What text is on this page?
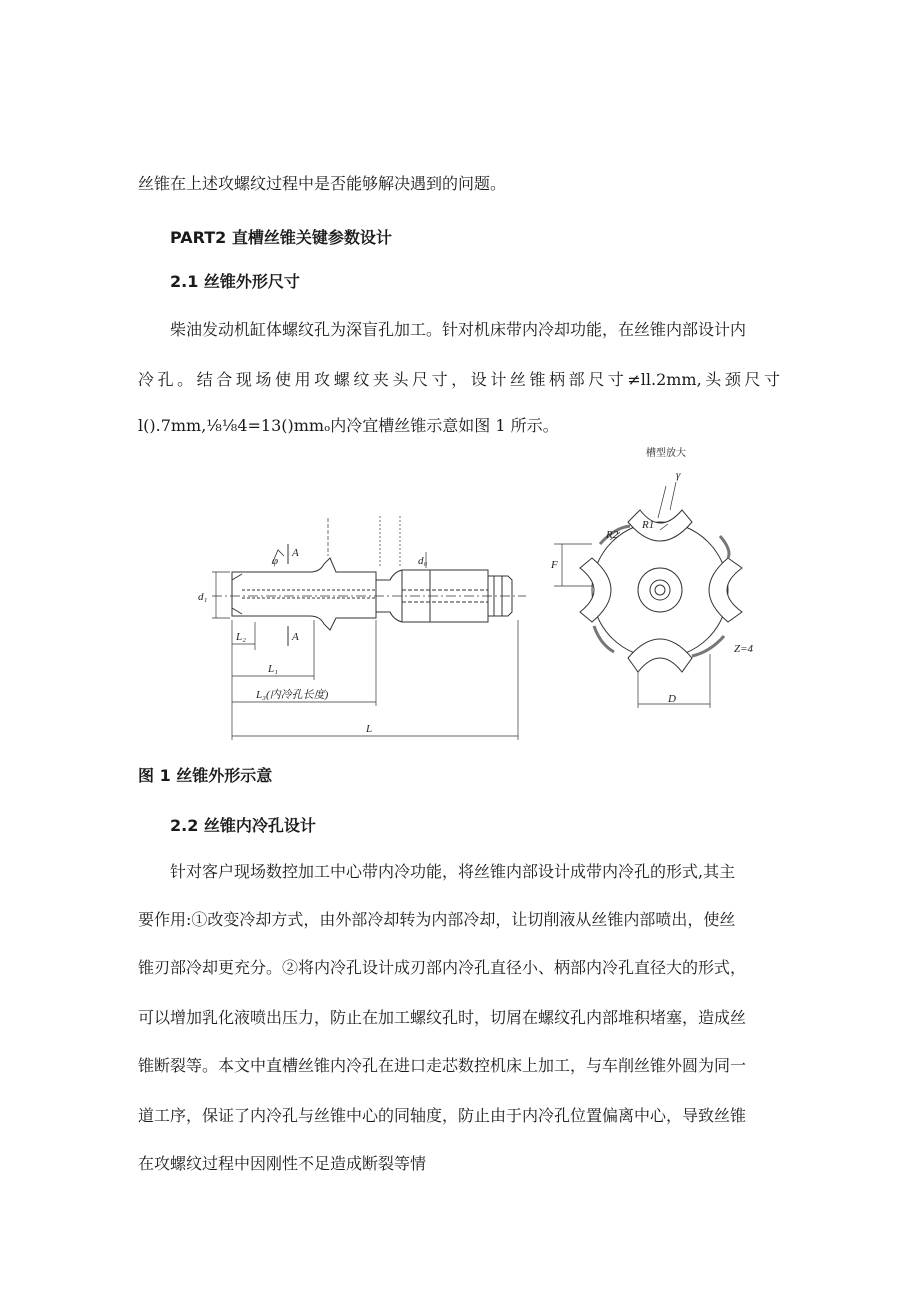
丝锥在上述攻螺纹过程中是否能够解决遇到的问题。
PART2 直槽丝锥关键参数设计
2.1 丝锥外形尺寸
柴油发动机缸体螺纹孔为深盲孔加工。针对机床带内冷却功能，在丝锥内部设计内
冷孔。结合现场使用攻螺纹夹头尺寸，设计丝锥柄部尺寸≠ll.2mm,头颈尺寸
l().7mm,⅛⅛4=13()mmₒ内冷宜槽丝锥示意如图 1 所示。
槽型放大
γ
R1
R2
F
Z=4
D
d₁
d₀
φ
A
A
L₂
L₁
L₃(内冷孔长度)
L
图 1 丝锥外形示意
2.2 丝锥内冷孔设计
针对客户现场数控加工中心带内冷功能，将丝锥内部设计成带内冷孔的形式,其主
要作用:①改变冷却方式，由外部冷却转为内部冷却，让切削液从丝锥内部喷出，使丝
锥刃部冷却更充分。②将内冷孔设计成刃部内冷孔直径小、柄部内冷孔直径大的形式，
可以增加乳化液喷出压力，防止在加工螺纹孔时，切屑在螺纹孔内部堆积堵塞，造成丝
锥断裂等。本文中直槽丝锥内冷孔在进口走芯数控机床上加工，与车削丝锥外圆为同一
道工序，保证了内冷孔与丝锥中心的同轴度，防止由于内冷孔位置偏离中心，导致丝锥
在攻螺纹过程中因刚性不足造成断裂等情
